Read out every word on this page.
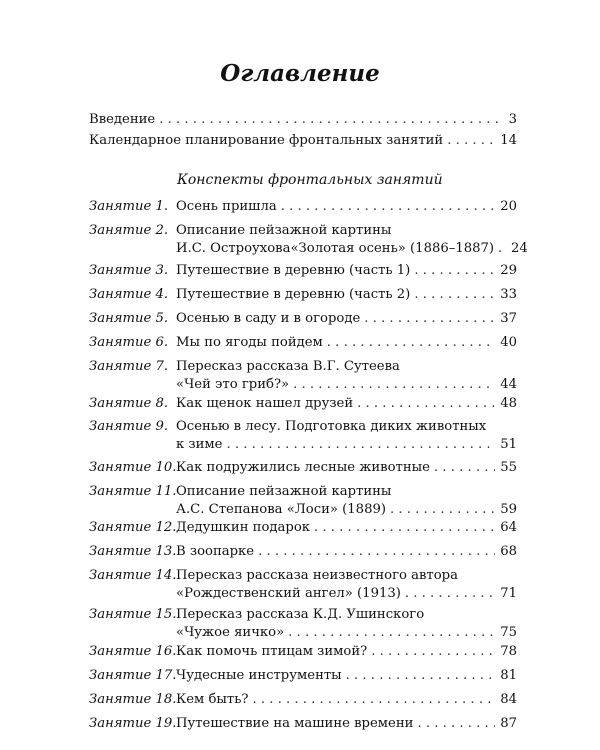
Оглавление
Введение . . .	3
Календарное планирование фронтальных занятий . . .	14
Конспекты фронтальных занятий
Занятие 1. Осень пришла . . .	20
Занятие 2. Описание пейзажной картины
И.С. Остроухова«Золотая осень» (1886–1887) . . . 24
Занятие 3. Путешествие в деревню (часть 1) . . .	29
Занятие 4. Путешествие в деревню (часть 2) . . .	33
Занятие 5. Осенью в саду и в огороде . . .	37
Занятие 6. Мы по ягоды пойдем . . .	40
Занятие 7. Пересказ рассказа В.Г. Сутеева
«Чей это гриб?» . . .	44
Занятие 8. Как щенок нашел друзей . . .	48
Занятие 9. Осенью в лесу. Подготовка диких животных
к зиме . . .	51
Занятие 10. Как подружились лесные животные . . .	55
Занятие 11. Описание пейзажной картины
А.С. Степанова «Лоси» (1889) . . .	59
Занятие 12. Дедушкин подарок . . .	64
Занятие 13. В зоопарке . . .	68
Занятие 14. Пересказ рассказа неизвестного автора
«Рождественский ангел» (1913) . . .	71
Занятие 15. Пересказ рассказа К.Д. Ушинского
«Чужое яичко» . . .	75
Занятие 16. Как помочь птицам зимой? . . .	78
Занятие 17. Чудесные инструменты . . .	81
Занятие 18. Кем быть? . . .	84
Занятие 19. Путешествие на машине времени . . .	87
